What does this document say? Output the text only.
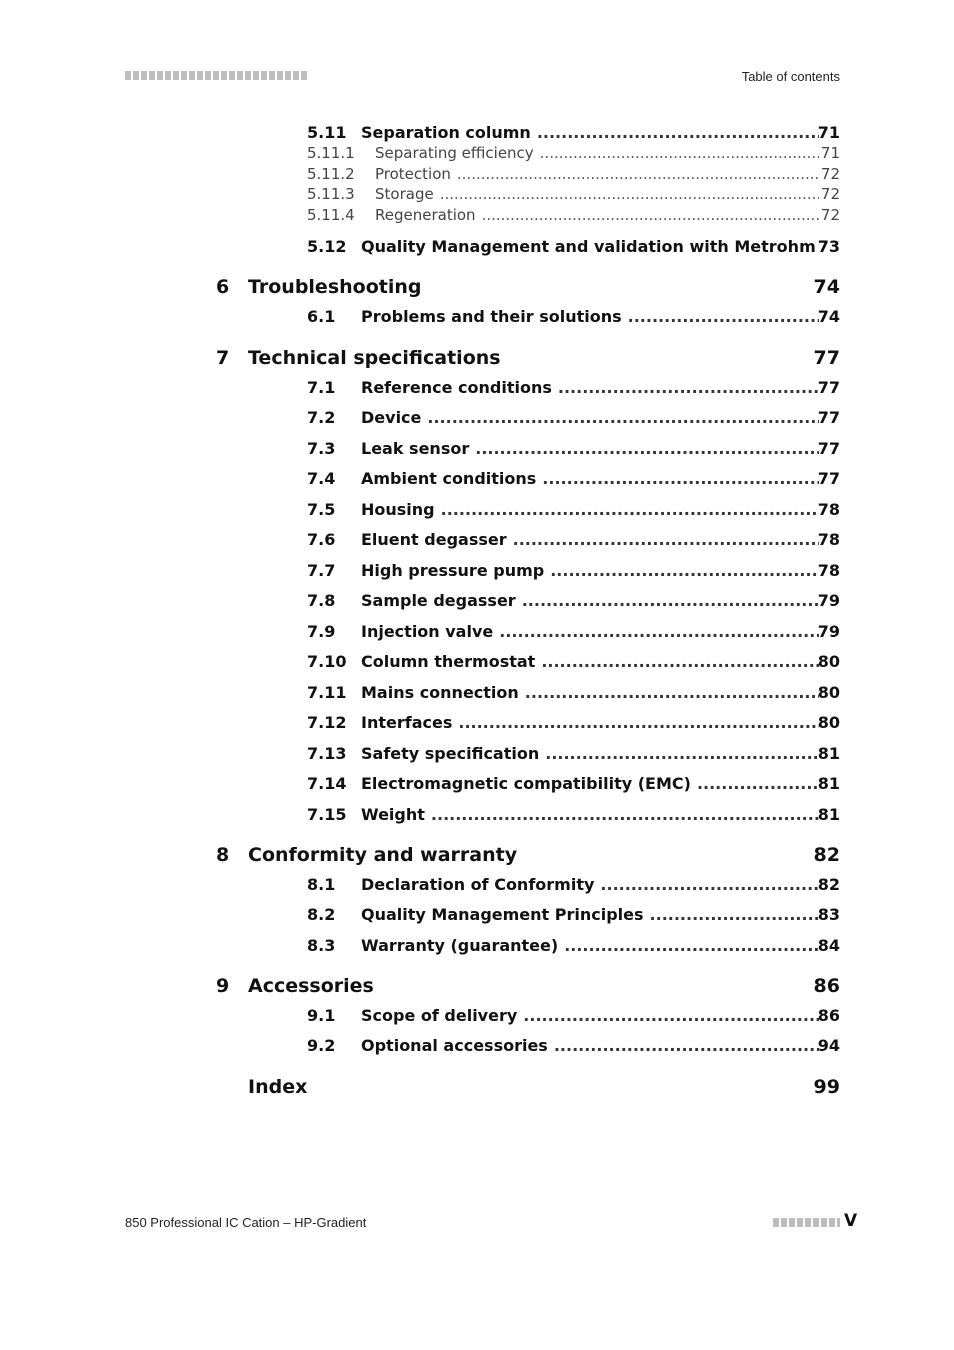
Table of contents
5.11 Separation column .....	71
5.11.1 Separating efficiency .....	71
5.11.2 Protection .....	72
5.11.3 Storage .....	72
5.11.4 Regeneration .....	72
5.12 Quality Management and validation with Metrohm 73
6 Troubleshooting	74
6.1 Problems and their solutions .....	74
7 Technical specifications	77
7.1 Reference conditions .....	77
7.2 Device .....	77
7.3 Leak sensor .....	77
7.4 Ambient conditions .....	77
7.5 Housing .....	78
7.6 Eluent degasser .....	78
7.7 High pressure pump .....	78
7.8 Sample degasser .....	79
7.9 Injection valve .....	79
7.10 Column thermostat .....	80
7.11 Mains connection .....	80
7.12 Interfaces .....	80
7.13 Safety specification .....	81
7.14 Electromagnetic compatibility (EMC) .....	81
7.15 Weight .....	81
8 Conformity and warranty	82
8.1 Declaration of Conformity .....	82
8.2 Quality Management Principles .....	83
8.3 Warranty (guarantee) .....	84
9 Accessories	86
9.1 Scope of delivery .....	86
9.2 Optional accessories .....	94
Index	99
850 Professional IC Cation – HP-Gradient	V
